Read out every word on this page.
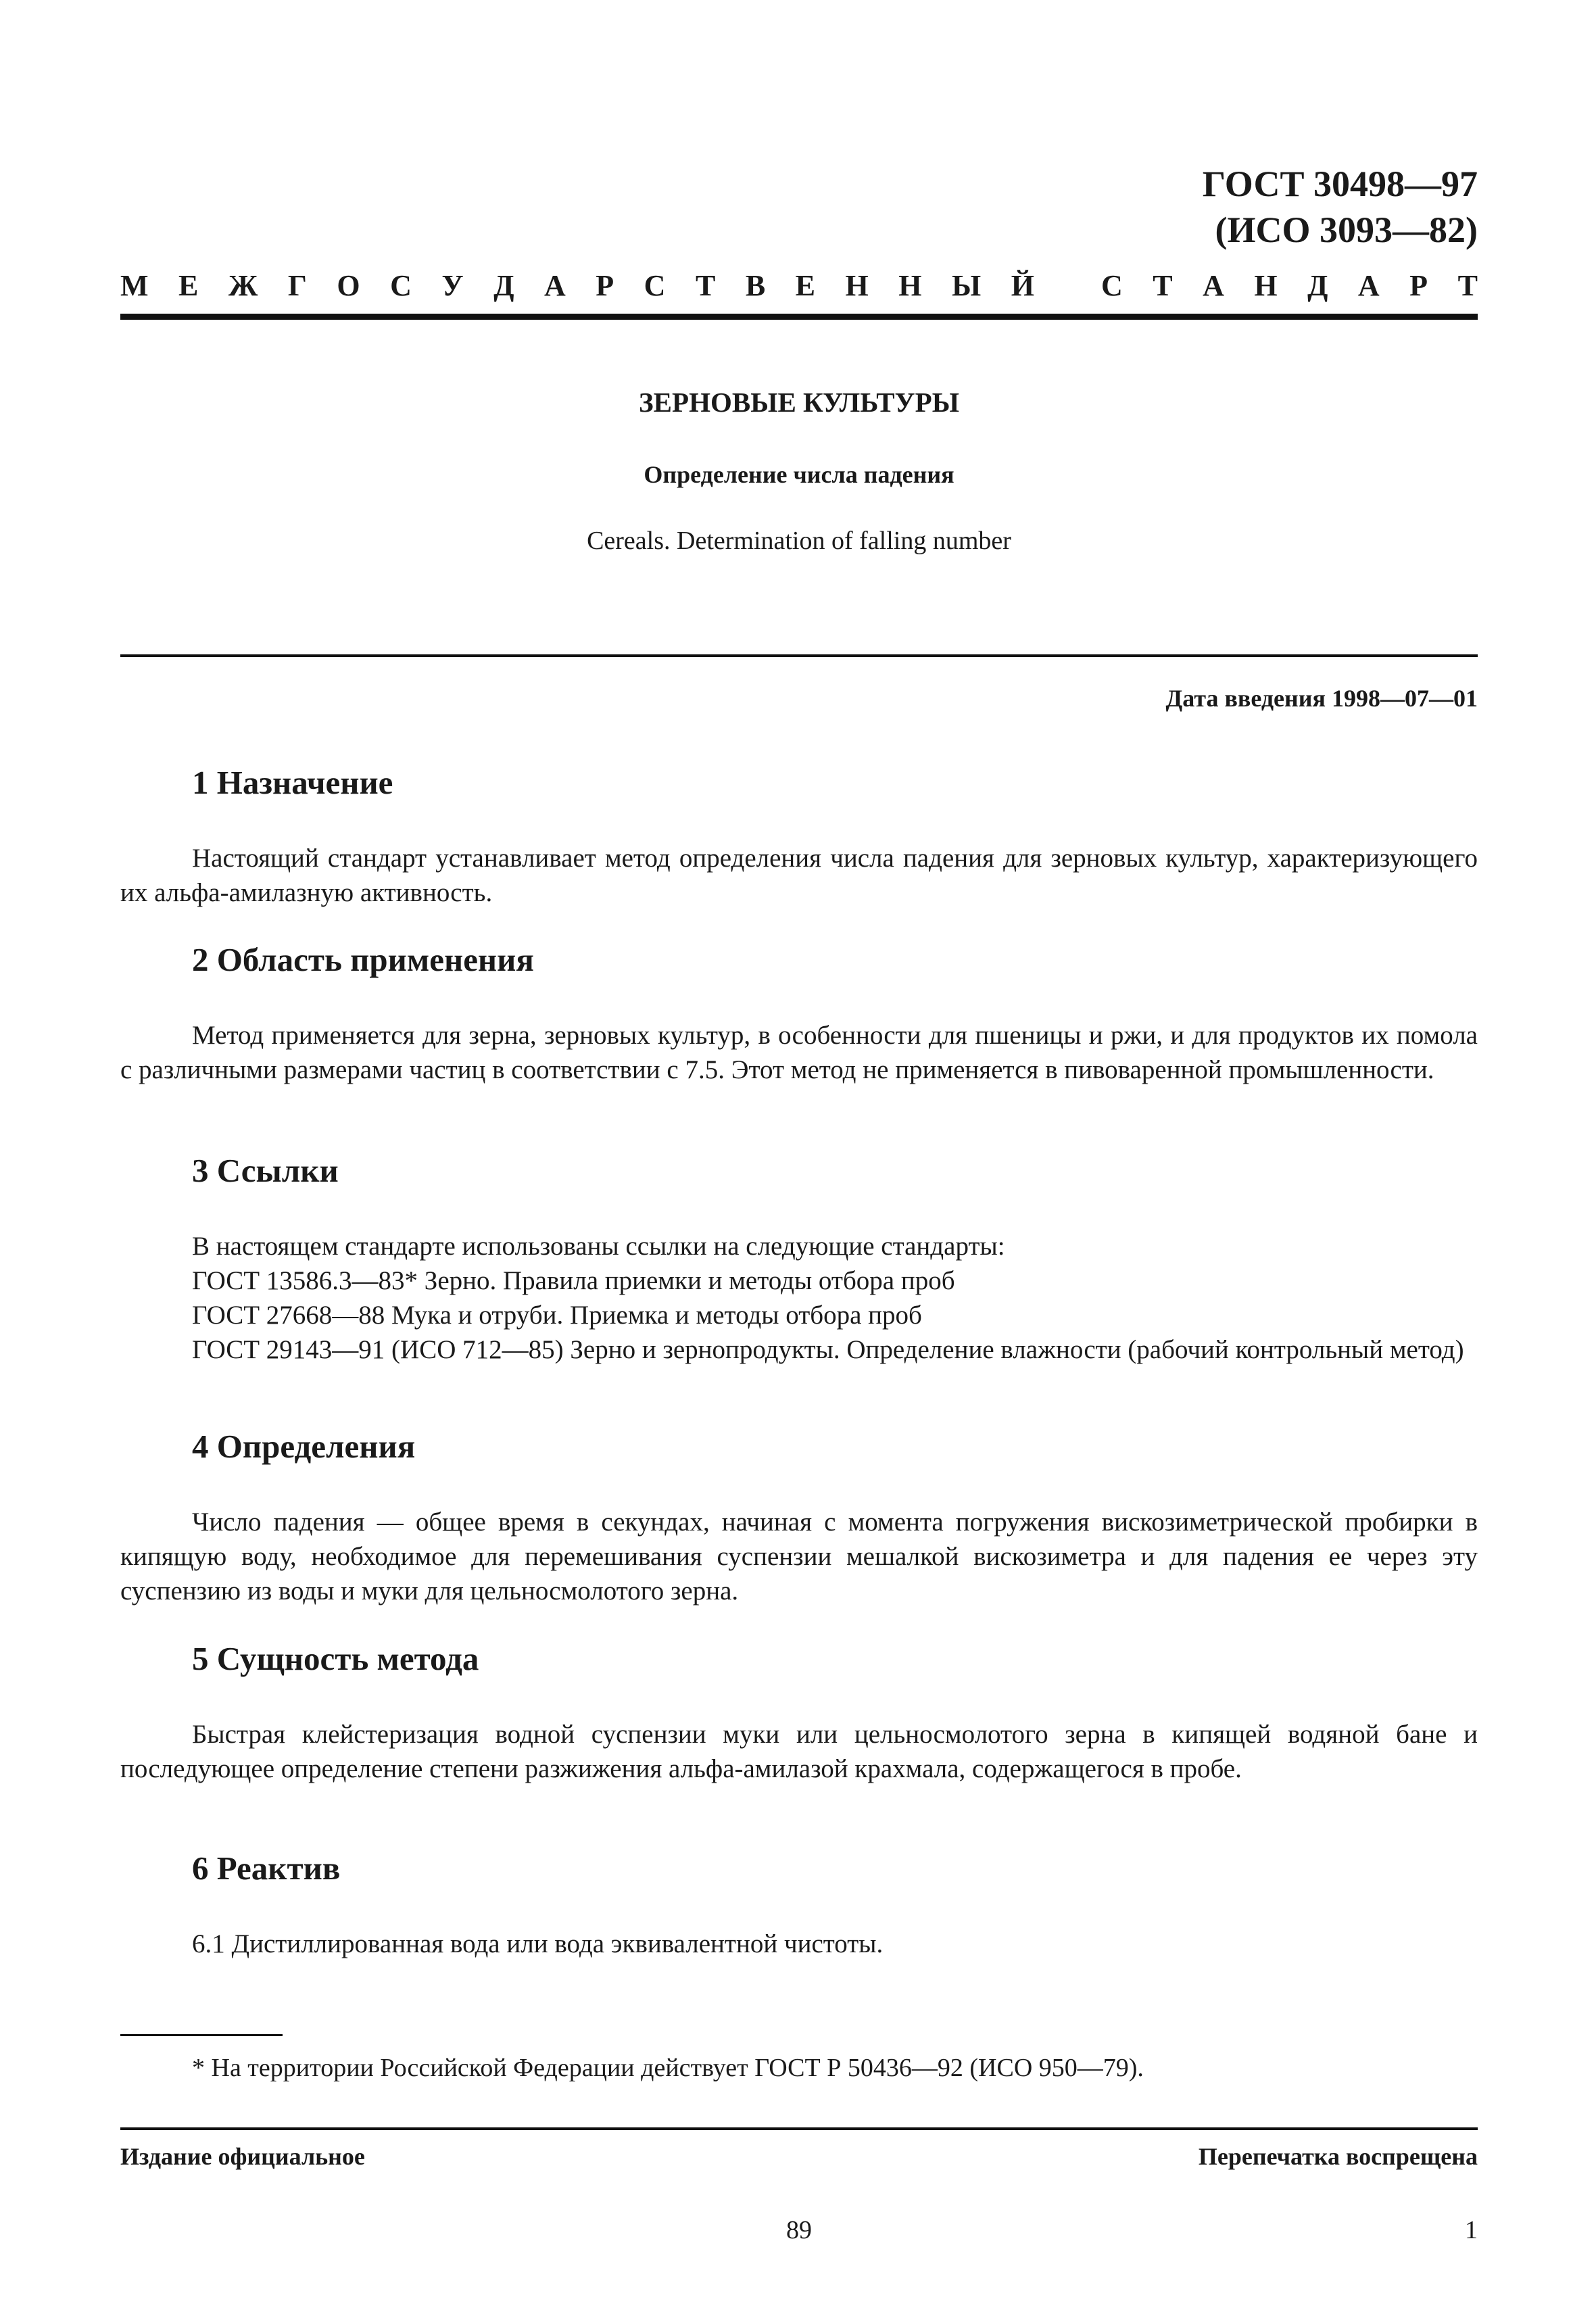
ГОСТ 30498—97
(ИСО 3093—82)
М Е Ж Г О С У Д А Р С Т В Е Н Н Ы Й С Т А Н Д А Р Т
ЗЕРНОВЫЕ КУЛЬТУРЫ
Определение числа падения
Cereals. Determination of falling number
Дата введения 1998—07—01
1 Назначение

Настоящий стандарт устанавливает метод определения числа падения для зерновых культур, характеризующего их альфа-амилазную активность.

2 Область применения

Метод применяется для зерна, зерновых культур, в особенности для пшеницы и ржи, и для продуктов их помола с различными размерами частиц в соответствии с 7.5. Этот метод не применяется в пивоваренной промышленности.

3 Ссылки

В настоящем стандарте использованы ссылки на следующие стандарты:

ГОСТ 13586.3—83* Зерно. Правила приемки и методы отбора проб

ГОСТ 27668—88 Мука и отруби. Приемка и методы отбора проб

ГОСТ 29143—91 (ИСО 712—85) Зерно и зернопродукты. Определение влажности (рабочий контрольный метод)

4 Определения

Число падения — общее время в секундах, начиная с момента погружения вискозиметрической пробирки в кипящую воду, необходимое для перемешивания суспензии мешалкой вискозиметра и для падения ее через эту суспензию из воды и муки для цельносмолотого зерна.

5 Сущность метода

Быстрая клейстеризация водной суспензии муки или цельносмолотого зерна в кипящей водяной бане и последующее определение степени разжижения альфа-амилазой крахмала, содержащегося в пробе.

6 Реактив

6.1 Дистиллированная вода или вода эквивалентной чистоты.

* На территории Российской Федерации действует ГОСТ Р 50436—92 (ИСО 950—79).
Издание официальное	Перепечатка воспрещена
89	1
